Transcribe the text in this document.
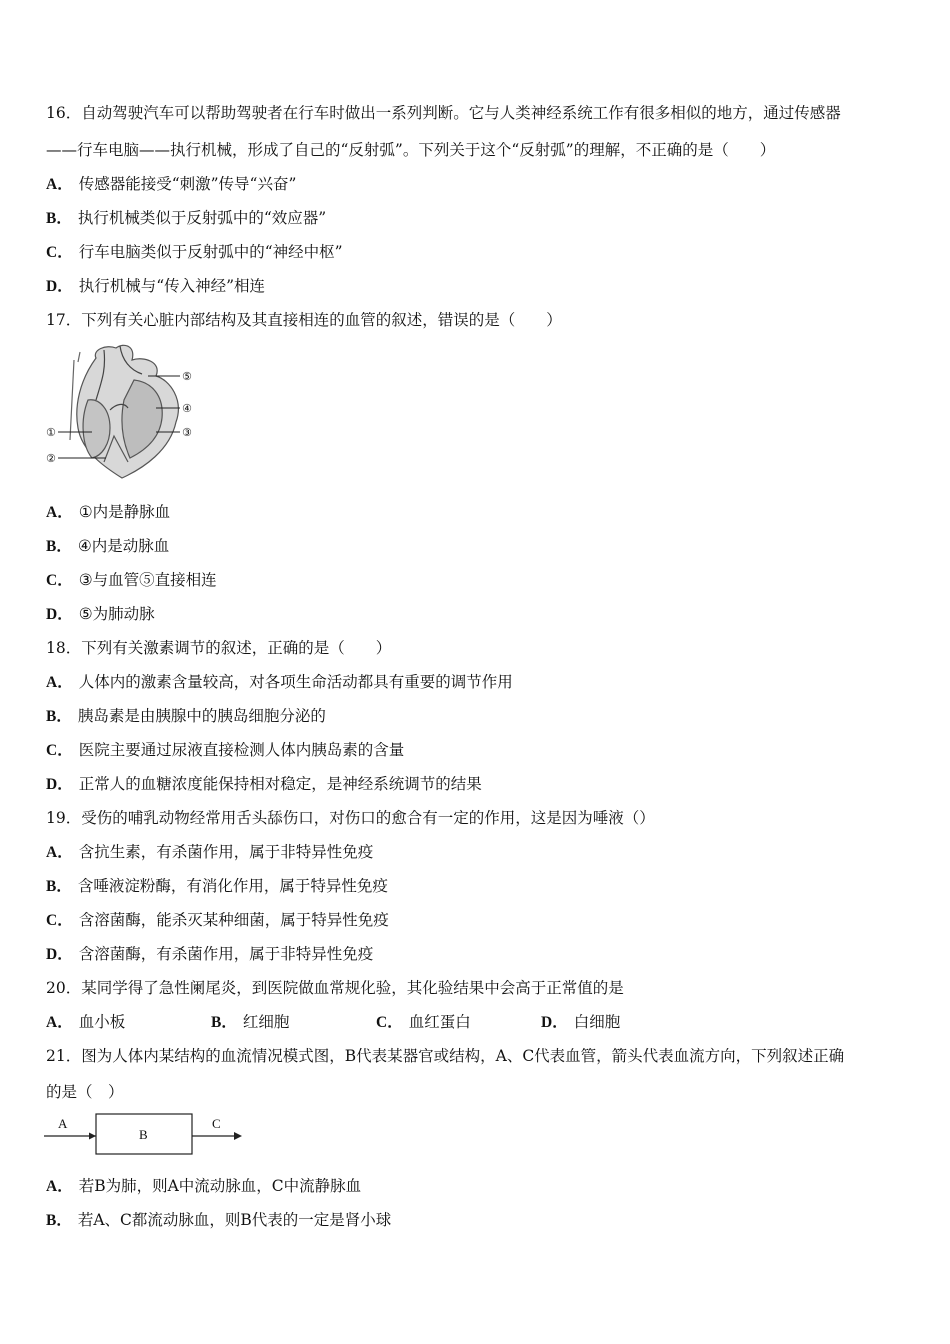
16．自动驾驶汽车可以帮助驾驶者在行车时做出一系列判断。它与人类神经系统工作有很多相似的地方，通过传感器
——行车电脑——执行机械，形成了自己的“反射弧”。下列关于这个“反射弧”的理解，不正确的是（　　）
A． 传感器能接受“刺激”传导“兴奋”
B． 执行机械类似于反射弧中的“效应器”
C． 行车电脑类似于反射弧中的“神经中枢”
D． 执行机械与“传入神经”相连
17．下列有关心脏内部结构及其直接相连的血管的叙述，错误的是（　　）
⑤
④
③
①
②
A． ①内是静脉血
B． ④内是动脉血
C． ③与血管⑤直接相连
D． ⑤为肺动脉
18．下列有关激素调节的叙述，正确的是（　　）
A． 人体内的激素含量较高，对各项生命活动都具有重要的调节作用
B． 胰岛素是由胰腺中的胰岛细胞分泌的
C． 医院主要通过尿液直接检测人体内胰岛素的含量
D． 正常人的血糖浓度能保持相对稳定，是神经系统调节的结果
19．受伤的哺乳动物经常用舌头舔伤口，对伤口的愈合有一定的作用，这是因为唾液（）
A． 含抗生素，有杀菌作用，属于非特异性免疫
B． 含唾液淀粉酶，有消化作用，属于特异性免疫
C． 含溶菌酶，能杀灭某种细菌，属于特异性免疫
D． 含溶菌酶，有杀菌作用，属于非特异性免疫
20．某同学得了急性阑尾炎，到医院做血常规化验，其化验结果中会高于正常值的是
A． 血小板	B． 红细胞	C． 血红蛋白	D． 白细胞
21．图为人体内某结构的血流情况模式图，B代表某器官或结构，A、C代表血管，箭头代表血流方向，下列叙述正确
的是（　）
A
B
C
A． 若B为肺，则A中流动脉血，C中流静脉血
B． 若A、C都流动脉血，则B代表的一定是肾小球
